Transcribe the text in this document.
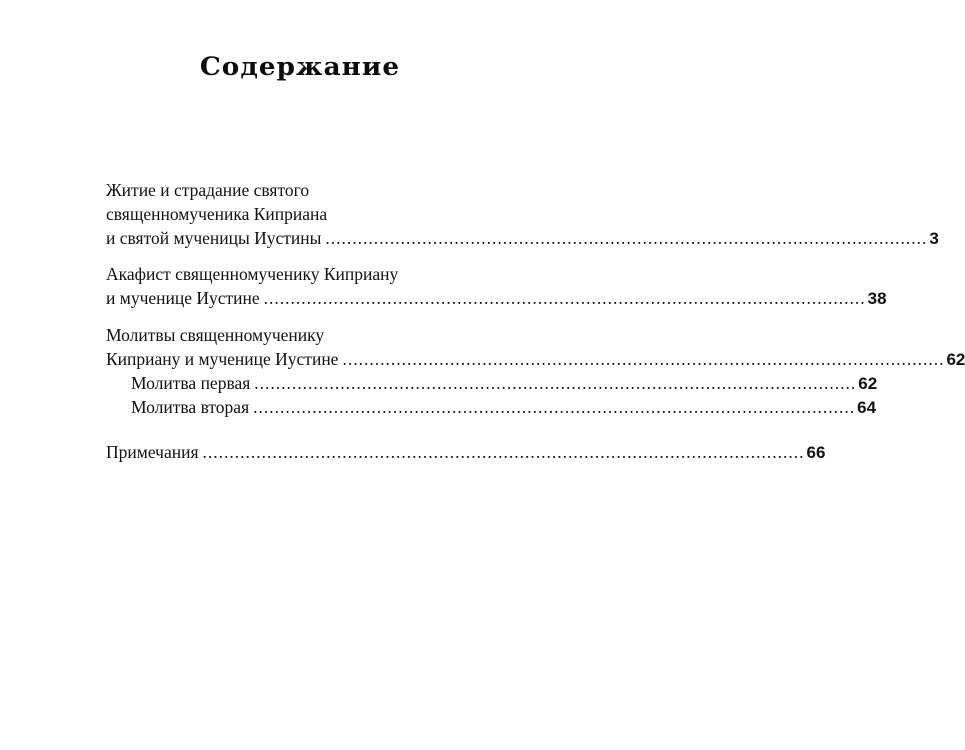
Содержание
Житие и страдание святого
священномученика Киприана
и святой мученицы Иустины ................................................................................................................ 3
Акафист священномученику Киприану
и мученице Иустине ................................................................................................................ 38
Молитвы священномученику
Киприану и мученице Иустине ................................................................................................................ 62
Молитва первая ................................................................................................................ 62
Молитва вторая ................................................................................................................ 64
Примечания ................................................................................................................ 66
